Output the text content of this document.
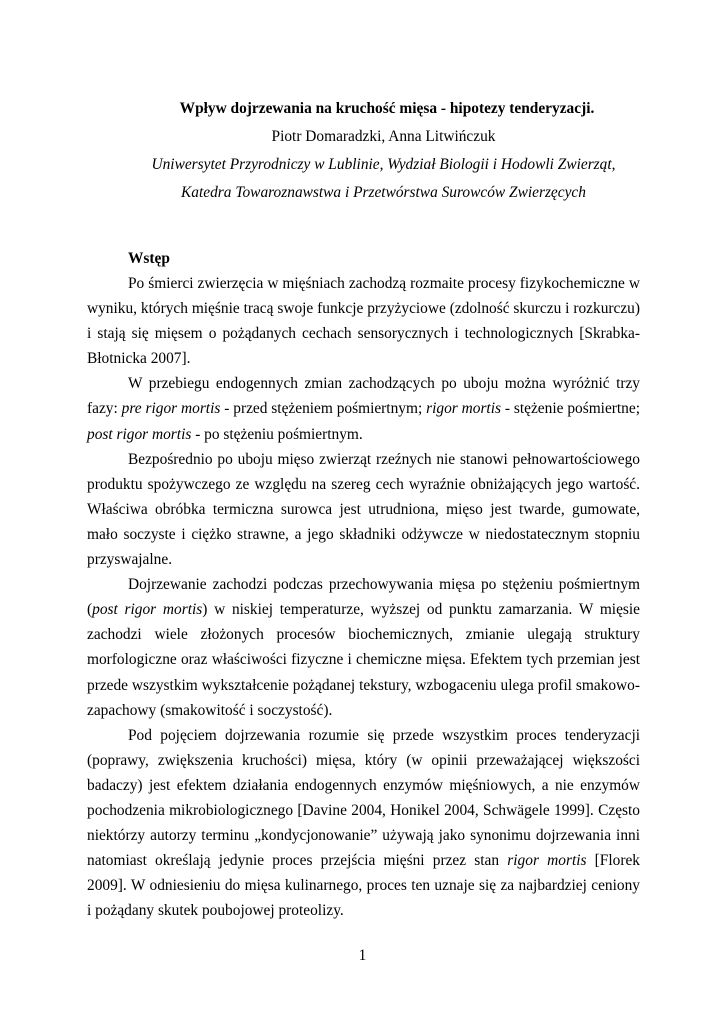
Wpływ dojrzewania na kruchość mięsa - hipotezy tenderyzacji.
Piotr Domaradzki, Anna Litwińczuk
Uniwersytet Przyrodniczy w Lublinie, Wydział Biologii i Hodowli Zwierząt,
Katedra Towaroznawstwa i Przetwórstwa Surowców Zwierzęcych
Wstęp

Po śmierci zwierzęcia w mięśniach zachodzą rozmaite procesy fizykochemiczne w wyniku, których mięśnie tracą swoje funkcje przyżyciowe (zdolność skurczu i rozkurczu) i stają się mięsem o pożądanych cechach sensorycznych i technologicznych [Skrabka-Błotnicka 2007].

W przebiegu endogennych zmian zachodzących po uboju można wyróżnić trzy fazy: pre rigor mortis - przed stężeniem pośmiertnym; rigor mortis - stężenie pośmiertne; post rigor mortis - po stężeniu pośmiertnym.

Bezpośrednio po uboju mięso zwierząt rzeźnych nie stanowi pełnowartościowego produktu spożywczego ze względu na szereg cech wyraźnie obniżających jego wartość. Właściwa obróbka termiczna surowca jest utrudniona, mięso jest twarde, gumowate, mało soczyste i ciężko strawne, a jego składniki odżywcze w niedostatecznym stopniu przyswajalne.

Dojrzewanie zachodzi podczas przechowywania mięsa po stężeniu pośmiertnym (post rigor mortis) w niskiej temperaturze, wyższej od punktu zamarzania. W mięsie zachodzi wiele złożonych procesów biochemicznych, zmianie ulegają struktury morfologiczne oraz właściwości fizyczne i chemiczne mięsa. Efektem tych przemian jest przede wszystkim wykształcenie pożądanej tekstury, wzbogaceniu ulega profil smakowo-zapachowy (smakowitość i soczystość).

Pod pojęciem dojrzewania rozumie się przede wszystkim proces tenderyzacji (poprawy, zwiększenia kruchości) mięsa, który (w opinii przeważającej większości badaczy) jest efektem działania endogennych enzymów mięśniowych, a nie enzymów pochodzenia mikrobiologicznego [Davine 2004, Honikel 2004, Schwägele 1999]. Często niektórzy autorzy terminu „kondycjonowanie” używają jako synonimu dojrzewania inni natomiast określają jedynie proces przejścia mięśni przez stan rigor mortis [Florek 2009]. W odniesieniu do mięsa kulinarnego, proces ten uznaje się za najbardziej ceniony i pożądany skutek poubojowej proteolizy.

1
